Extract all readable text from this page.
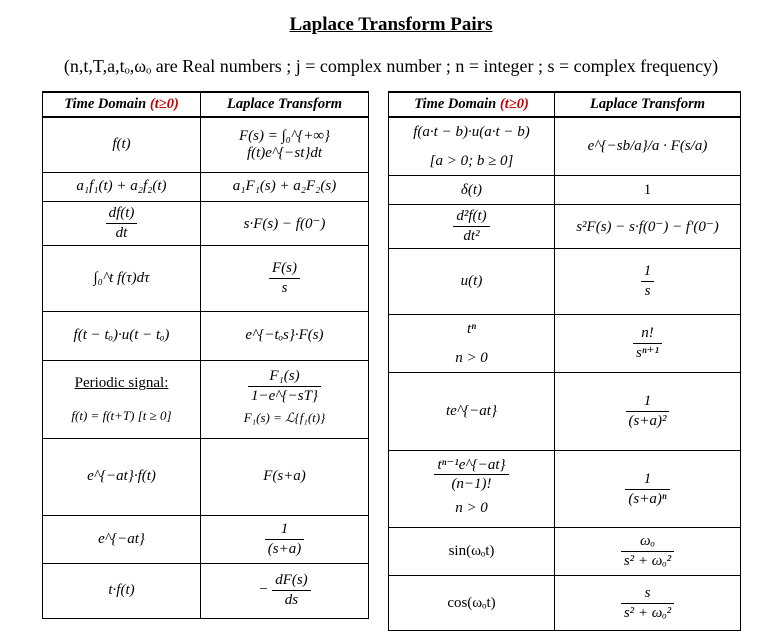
Laplace Transform Pairs
(n,t,T,a,tₒ,ωₒ are Real numbers ; j = complex number ; n = integer ; s = complex frequency)
Time Domain (t≥0)	Laplace Transform
f(t)	F(s) = ∫₀^{+∞} f(t)e^{−st}dt
a₁f₁(t) + a₂f₂(t)	a₁F₁(s) + a₂F₂(s)

$\frac{df(t)}{dt}$	s·F(s) − f(0⁻)
∫₀^t f(τ)dτ	$\frac{F(s)}{s}$

f(t − tₒ)·u(t − tₒ)	e^{−tₒs}·F(s)

Periodic signal:
f(t) = f(t+T) [t ≥ 0]	$\frac{\text{F₁(s)}}{1-e\^{}\{-sT\}}$
F₁(s) = ℒ{f₁(t)}

e^{−at}·f(t)	F(s+a)
e^{−at}	$\frac{1}{(s+a)}$

t·f(t)	− $\frac{dF(s)}{ds}$
Time Domain (t≥0)	Laplace Transform

f(a·t − b)·u(a·t − b)
[a > 0; b ≥ 0]	e^{−sb/a}/a · F(s/a)
δ(t)	1

$\frac{\text{d²f(t)}}{\text{dt²}}$	s²F(s) − s·f(0⁻) − f′(0⁻)
u(t)	$\frac{1}{s}$

tⁿ
n > 0	$\frac{n!}{\text{sⁿ⁺¹}}$

te^{−at}	$\frac{1}{\text{(s+a)²}}$

$\frac{\text{tⁿ⁻¹e\textasciicircum{}\{−at\}}}{(n-1)!}$
n > 0	$\frac{1}{\text{(s+a)ⁿ}}$

sin(ωₒt)	$\frac{\text{ωₒ}}{\text{s² + ωₒ²}}$

cos(ωₒt)	$\frac{s}{\text{s² + ωₒ²}}$
